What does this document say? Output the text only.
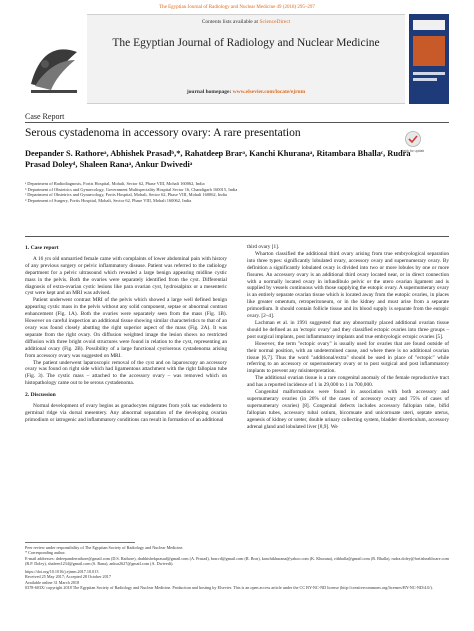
The Egyptian Journal of Radiology and Nuclear Medicine 49 (2018) 295–297
Contents lists available at ScienceDirect
The Egyptian Journal of Radiology and Nuclear Medicine
journal homepage: www.elsevier.com/locate/ejrnm
Case Report
Serous cystadenoma in accessory ovary: A rare presentation
eck for updat
Deepander S. Rathoreᵃ, Abhishek Prasadᵇ,*, Rahatdeep Brarᵃ, Kanchi Khuranaᵃ, Ritambara Bhallaᶜ, Rudra Prasad Doleyᵈ, Shaleen Ranaᵃ, Ankur Dwivediᵃ
ᵃ Department of Radiodiagnosis, Fortis Hospital, Mohali, Sector 62, Phase VIII, Mohali 160062, India
ᵇ Department of Obstetrics and Gynaecology, Government Multispeciality Hospital Sector 16, Chandigarh 160015, India
ᶜ Department of Obstetrics and Gynaecology, Fortis Hospital, Mohali, Sector 62, Phase VIII, Mohali 160062, India
ᵈ Department of Surgery, Fortis Hospital, Mohali, Sector 62, Phase VIII, Mohali 160062, India
1. Case report

A 16 yrs old unmarried female came with complaints of lower abdominal pain with history of any previous surgery or pelvic inflammatory disease. Patient was referred to the radiology department for a pelvic ultrasound which revealed a large benign appearing midline cystic mass in the pelvis. Both the ovaries were separately identified from the cyst. Differential diagnosis of extra-ovarian cystic lesions like para ovarian cyst, hydrosalpinx or a mesenteric cyst were kept and an MRI was advised.

Patient underwent contrast MRI of the pelvis which showed a large well defined benign appearing cystic mass in the pelvis without any solid component, septae or abnormal contrast enhancement (Fig. 1A). Both the ovaries were separately seen from the mass (Fig. 1B). However on careful inspection an additional tissue showing similar characteristics to that of an ovary was found closely abutting the right superior aspect of the mass (Fig. 2A). It was separate from the right ovary. On diffusion weighted image the lesion shows no restricted diffusion with three bright ovoid structures were found in relation to the cyst, representing an additional ovary (Fig. 2B). Possibility of a large functional cyst/serous cystadenoma arising from accessory ovary was suggested on MRI.

The patient underwent laparoscopic removal of the cyst and on laparoscopy an accessory ovary was found on right side which had ligamentous attachment with the right fallopian tube (Fig. 3). The cystic mass – attached to the accessory ovary – was removed which on histopathology came out to be serous cystadenoma.

2. Discussion

Normal development of ovary begins as gonadocytes migrates from yolk sac endoderm to germinal ridge via dorsal mesentery. Any abnormal separation of the developing ovarian primodium or iatrogenic and inflammatory conditions can result in formation of an additional

third ovary [1].

Wharton classified the additional third ovary arising from true embryological separation into three types: significantly lobulated ovary, accessory ovary and supernumerary ovary. By definition a significantly lobulated ovary is divided into two or more lobules by one or more fissures. An accessory ovary is an additional third ovary located near, or in direct connection with a normally located ovary in infundibulo pelvic or the utero ovarian ligament and is supplied by vessels continuous with those supplying the eutopic ovary. A supernumerary ovary is an entirely separate ovarian tissue which is located away from the eutopic ovaries, in places like greater omentum, retroperitoneum, or in the kidney and must arise from a separate primordium. It should contain follicle tissue and its blood supply is separate from the eutopic ovary. [2–4].

Lachman et al. in 1991 suggested that any abnormally placed additional ovarian tissue should be defined as an 'ectopic ovary' and they classified ectopic ovaries into three groups – post surgical implants, post inflammatory implants and true embryologic ectopic ovaries [5].

However, the term "ectopic ovary" is usually used for ovaries that are found outside of their normal position, with an undetermined cause, and where there is no additional ovarian tissue [6,7]. Thus the word "additional/extra" should be used in place of "ectopic" while referring to an accessory or supernumerary ovary or to post surgical and post inflammatory implants to prevent any misinterpretation.

The additional ovarian tissue is a rare congenital anomaly of the female reproductive tract and has a reported incidence of 1 in 29,000 to 1 in 700,000.

Congenital malformations were found in association with both accessory and supernumerary ovaries (in 26% of the cases of accessory ovary and 75% of cases of supernumerary ovaries) [8]. Congenital defects includes accessory fallopian tube, bifid fallopian tubes, accessory tubal ostium, bicornuate and unicornuate uteri, septate uterus, agenesis of kidney or ureter, double urinary collecting system, bladder diverticulum, accessory adrenal gland and lobulated liver [8,9]. We

Peer review under responsibility of The Egyptian Society of Radiology and Nuclear Medicine.
* Corresponding author.
E-mail addresses: drdeepanderrathore@gmail.com (D.S. Rathore), drabhishekprasad@gmail.com (A. Prasad), brar.rd@gmail.com (R. Brar), kanchikhurana@yahoo.com (K. Khurana), ritbhalla@gmail.com (R. Bhalla), rudra.doley@fortishealthcare.com (R.P. Doley), shaleen1234@gmail.com (S. Rana), ankur2627@gmail.com (A. Dwivedi).
https://doi.org/10.1016/j.ejrnm.2017.10.013
Received 25 May 2017; Accepted 28 October 2017
Available online 31 March 2018
0378-603X/ copyright 2018 The Egyptian Society of Radiology and Nuclear Medicine. Production and hosting by Elsevier. This is an open access article under the CC BY-NC-ND license (http://creativecommons.org/licenses/BY-NC-ND/4.0/).
